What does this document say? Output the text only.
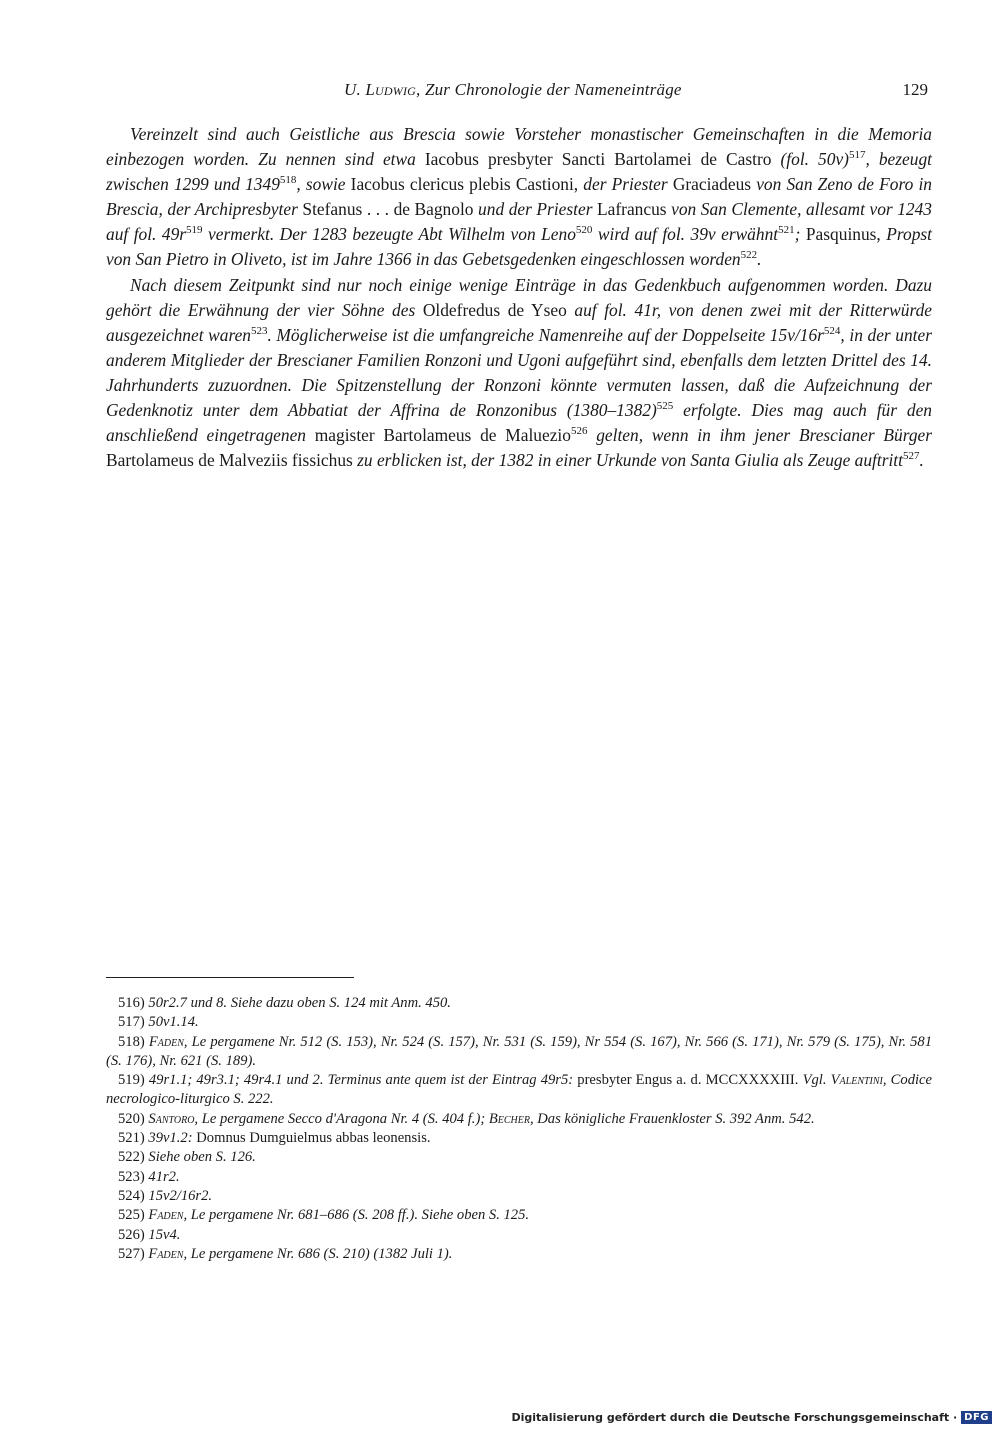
U. Ludwig, Zur Chronologie der Nameneinträge	129

Vereinzelt sind auch Geistliche aus Brescia sowie Vorsteher monastischer Gemeinschaften in die Memoria einbezogen worden. Zu nennen sind etwa Iacobus presbyter Sancti Bartolamei de Castro (fol. 50v)$^{517}$, bezeugt zwischen 1299 und 1349$^{518}$, sowie Iacobus clericus plebis Castioni, der Priester Graciadeus von San Zeno de Foro in Brescia, der Archipresbyter Stefanus . . . de Bagnolo und der Priester Lafrancus von San Clemente, allesamt vor 1243 auf fol. $49r^{519}$ vermerkt. Der 1283 bezeugte Abt Wilhelm von Leno$^{520}$ wird auf fol. 39v erwähnt$^{521}$; Pasquinus, Propst von San Pietro in Oliveto, ist im Jahre 1366 in das Gebetsgedenken eingeschlossen worden$^{522}$.

Nach diesem Zeitpunkt sind nur noch einige wenige Einträge in das Gedenkbuch aufgenommen worden. Dazu gehört die Erwähnung der vier Söhne des Oldefredus de Yseo auf fol. 41r, von denen zwei mit der Ritterwürde ausgezeichnet waren$^{523}$. Möglicherweise ist die umfangreiche Namenreihe auf der Doppelseite $15v/16r^{524}$, in der unter anderem Mitglieder der Brescianer Familien Ronzoni und Ugoni aufgeführt sind, ebenfalls dem letzten Drittel des 14. Jahrhunderts zuzuordnen. Die Spitzenstellung der Ronzoni könnte vermuten lassen, daß die Aufzeichnung der Gedenknotiz unter dem Abbatiat der Affrina de Ronzonibus (1380–1382)$^{525}$ erfolgte. Dies mag auch für den anschließend eingetragenen magister Bartolameus de Maluezio$^{526}$ gelten, wenn in ihm jener Brescianer Bürger Bartolameus de Malveziis fissichus zu erblicken ist, der 1382 in einer Urkunde von Santa Giulia als Zeuge auftritt$^{527}$.

516) 50r2.7 und 8. Siehe dazu oben S. 124 mit Anm. 450.

517) 50v1.14.

518) Faden, Le pergamene Nr. 512 (S. 153), Nr. 524 (S. 157), Nr. 531 (S. 159), Nr 554 (S. 167), Nr. 566 (S. 171), Nr. 579 (S. 175), Nr. 581 (S. 176), Nr. 621 (S. 189).

519) 49r1.1; 49r3.1; 49r4.1 und 2. Terminus ante quem ist der Eintrag 49r5: presbyter Engus a. d. MCCXXXXIII. Vgl. Valentini, Codice necrologico-liturgico S. 222.

520) Santoro, Le pergamene Secco d'Aragona Nr. 4 (S. 404 f.); Becher, Das königliche Frauenkloster S. 392 Anm. 542.

521) 39v1.2: Domnus Dumguielmus abbas leonensis.

522) Siehe oben S. 126.

523) 41r2.

524) 15v2/16r2.

525) Faden, Le pergamene Nr. 681–686 (S. 208 ff.). Siehe oben S. 125.

526) 15v4.

527) Faden, Le pergamene Nr. 686 (S. 210) (1382 Juli 1).

Digitalisierung gefördert durch die Deutsche Forschungsgemeinschaft · DFG
